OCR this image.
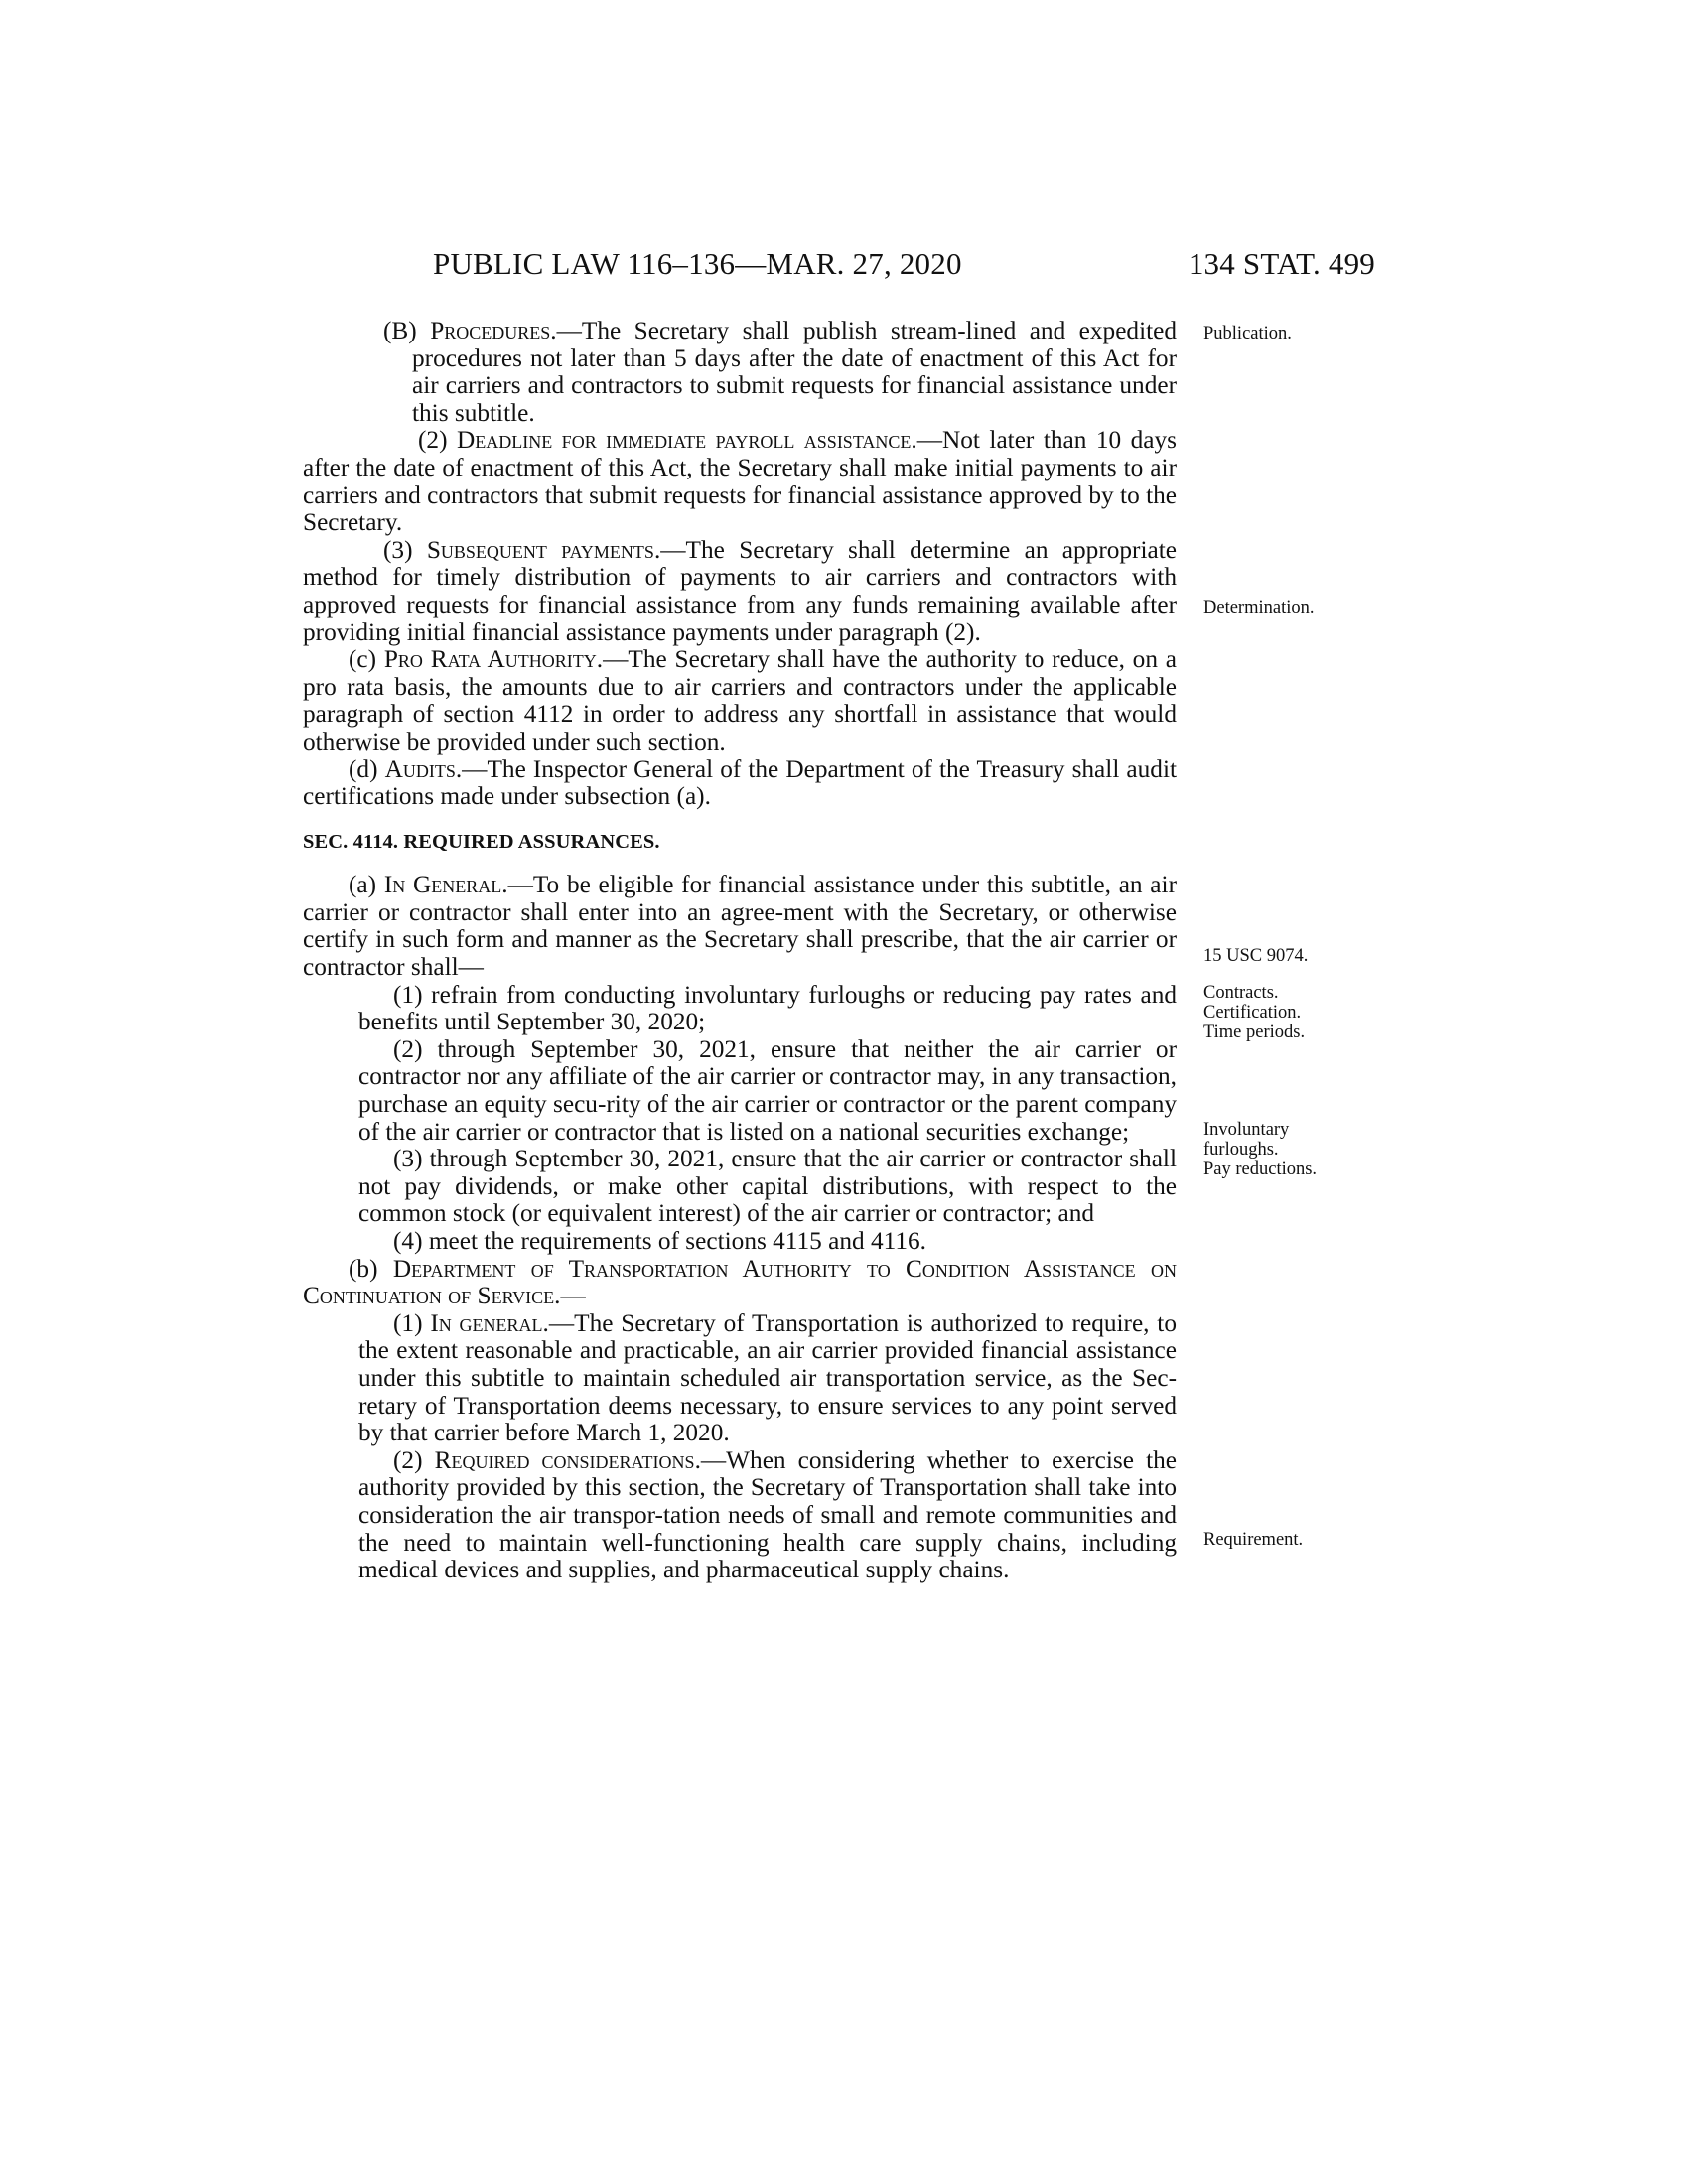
PUBLIC LAW 116–136—MAR. 27, 2020	134 STAT. 499
Publication.
Determination.
15 USC 9074.
Contracts.
Certification.
Time periods.
Involuntary
furloughs.
Pay reductions.
Requirement.

(B) Procedures.—The Secretary shall publish stream-lined and expedited procedures not later than 5 days after the date of enactment of this Act for air carriers and contractors to submit requests for financial assistance under this subtitle.

(2) Deadline for immediate payroll assistance.—Not later than 10 days after the date of enactment of this Act, the Secretary shall make initial payments to air carriers and contractors that submit requests for financial assistance approved by to the Secretary.

(3) Subsequent payments.—The Secretary shall determine an appropriate method for timely distribution of payments to air carriers and contractors with approved requests for financial assistance from any funds remaining available after providing initial financial assistance payments under paragraph (2).

(c) Pro Rata Authority.—The Secretary shall have the authority to reduce, on a pro rata basis, the amounts due to air carriers and contractors under the applicable paragraph of section 4112 in order to address any shortfall in assistance that would otherwise be provided under such section.

(d) Audits.—The Inspector General of the Department of the Treasury shall audit certifications made under subsection (a).

SEC. 4114. REQUIRED ASSURANCES.

(a) In General.—To be eligible for financial assistance under this subtitle, an air carrier or contractor shall enter into an agree-ment with the Secretary, or otherwise certify in such form and manner as the Secretary shall prescribe, that the air carrier or contractor shall—

(1) refrain from conducting involuntary furloughs or reducing pay rates and benefits until September 30, 2020;

(2) through September 30, 2021, ensure that neither the air carrier or contractor nor any affiliate of the air carrier or contractor may, in any transaction, purchase an equity secu-rity of the air carrier or contractor or the parent company of the air carrier or contractor that is listed on a national securities exchange;

(3) through September 30, 2021, ensure that the air carrier or contractor shall not pay dividends, or make other capital distributions, with respect to the common stock (or equivalent interest) of the air carrier or contractor; and

(4) meet the requirements of sections 4115 and 4116.

(b) Department of Transportation Authority to Condition Assistance on Continuation of Service.—

(1) In general.—The Secretary of Transportation is authorized to require, to the extent reasonable and practicable, an air carrier provided financial assistance under this subtitle to maintain scheduled air transportation service, as the Sec-retary of Transportation deems necessary, to ensure services to any point served by that carrier before March 1, 2020.

(2) Required considerations.—When considering whether to exercise the authority provided by this section, the Secretary of Transportation shall take into consideration the air transpor-tation needs of small and remote communities and the need to maintain well-functioning health care supply chains, including medical devices and supplies, and pharmaceutical supply chains.
